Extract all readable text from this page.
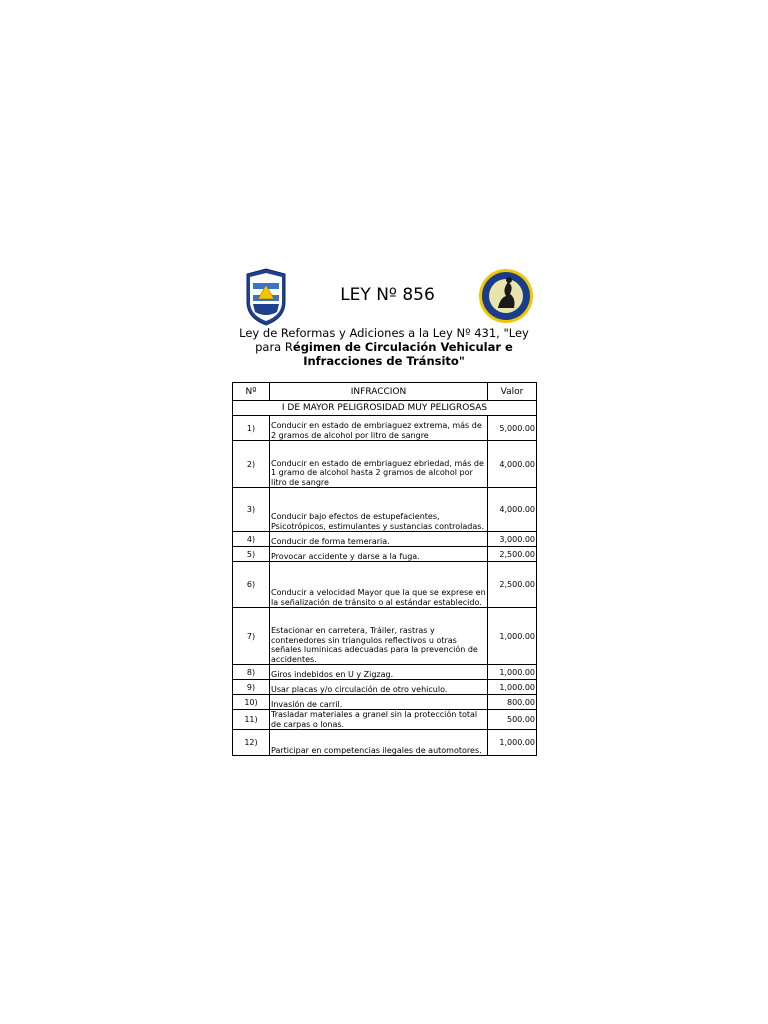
LEY Nº 856
Ley de Reformas y Adiciones a la Ley Nº 431, "Ley
para Régimen de Circulación Vehicular e
Infracciones de Tránsito"
Nº	INFRACCION	Valor
I DE MAYOR PELIGROSIDAD MUY PELIGROSAS		
1)	Conducir en estado de embriaguez extrema, más de 2 gramos de alcohol por litro de sangre	5,000.00
2)	Conducir en estado de embriaguez ebriedad, más de 1 gramo de alcohol hasta 2 gramos de alcohol por litro de sangre	4,000.00
3)	Conducir bajo efectos de estupefacientes, Psicotrópicos, estimulantes y sustancias controladas.	4,000.00
4)	Conducir de forma temeraria.	3,000.00
5)	Provocar accidente y darse a la fuga.	2,500.00
6)	Conducir a velocidad Mayor que la que se exprese en la señalización de tránsito o al estándar establecido.	2,500.00
7)	Estacionar en carretera, Tráiler, rastras y contenedores sin triangulos reflectivos u otras señales luminicas adecuadas para la prevención de accidentes.	1,000.00
8)	Giros indebidos en U y Zigzag.	1,000.00
9)	Usar placas y/o circulación de otro vehiculo.	1,000.00
10)	Invasión de carril.	800.00
11)	Trasladar materiales a granel sin la protección total de carpas o lonas.	500.00
12)	Participar en competencias ilegales de automotores.	1,000.00
